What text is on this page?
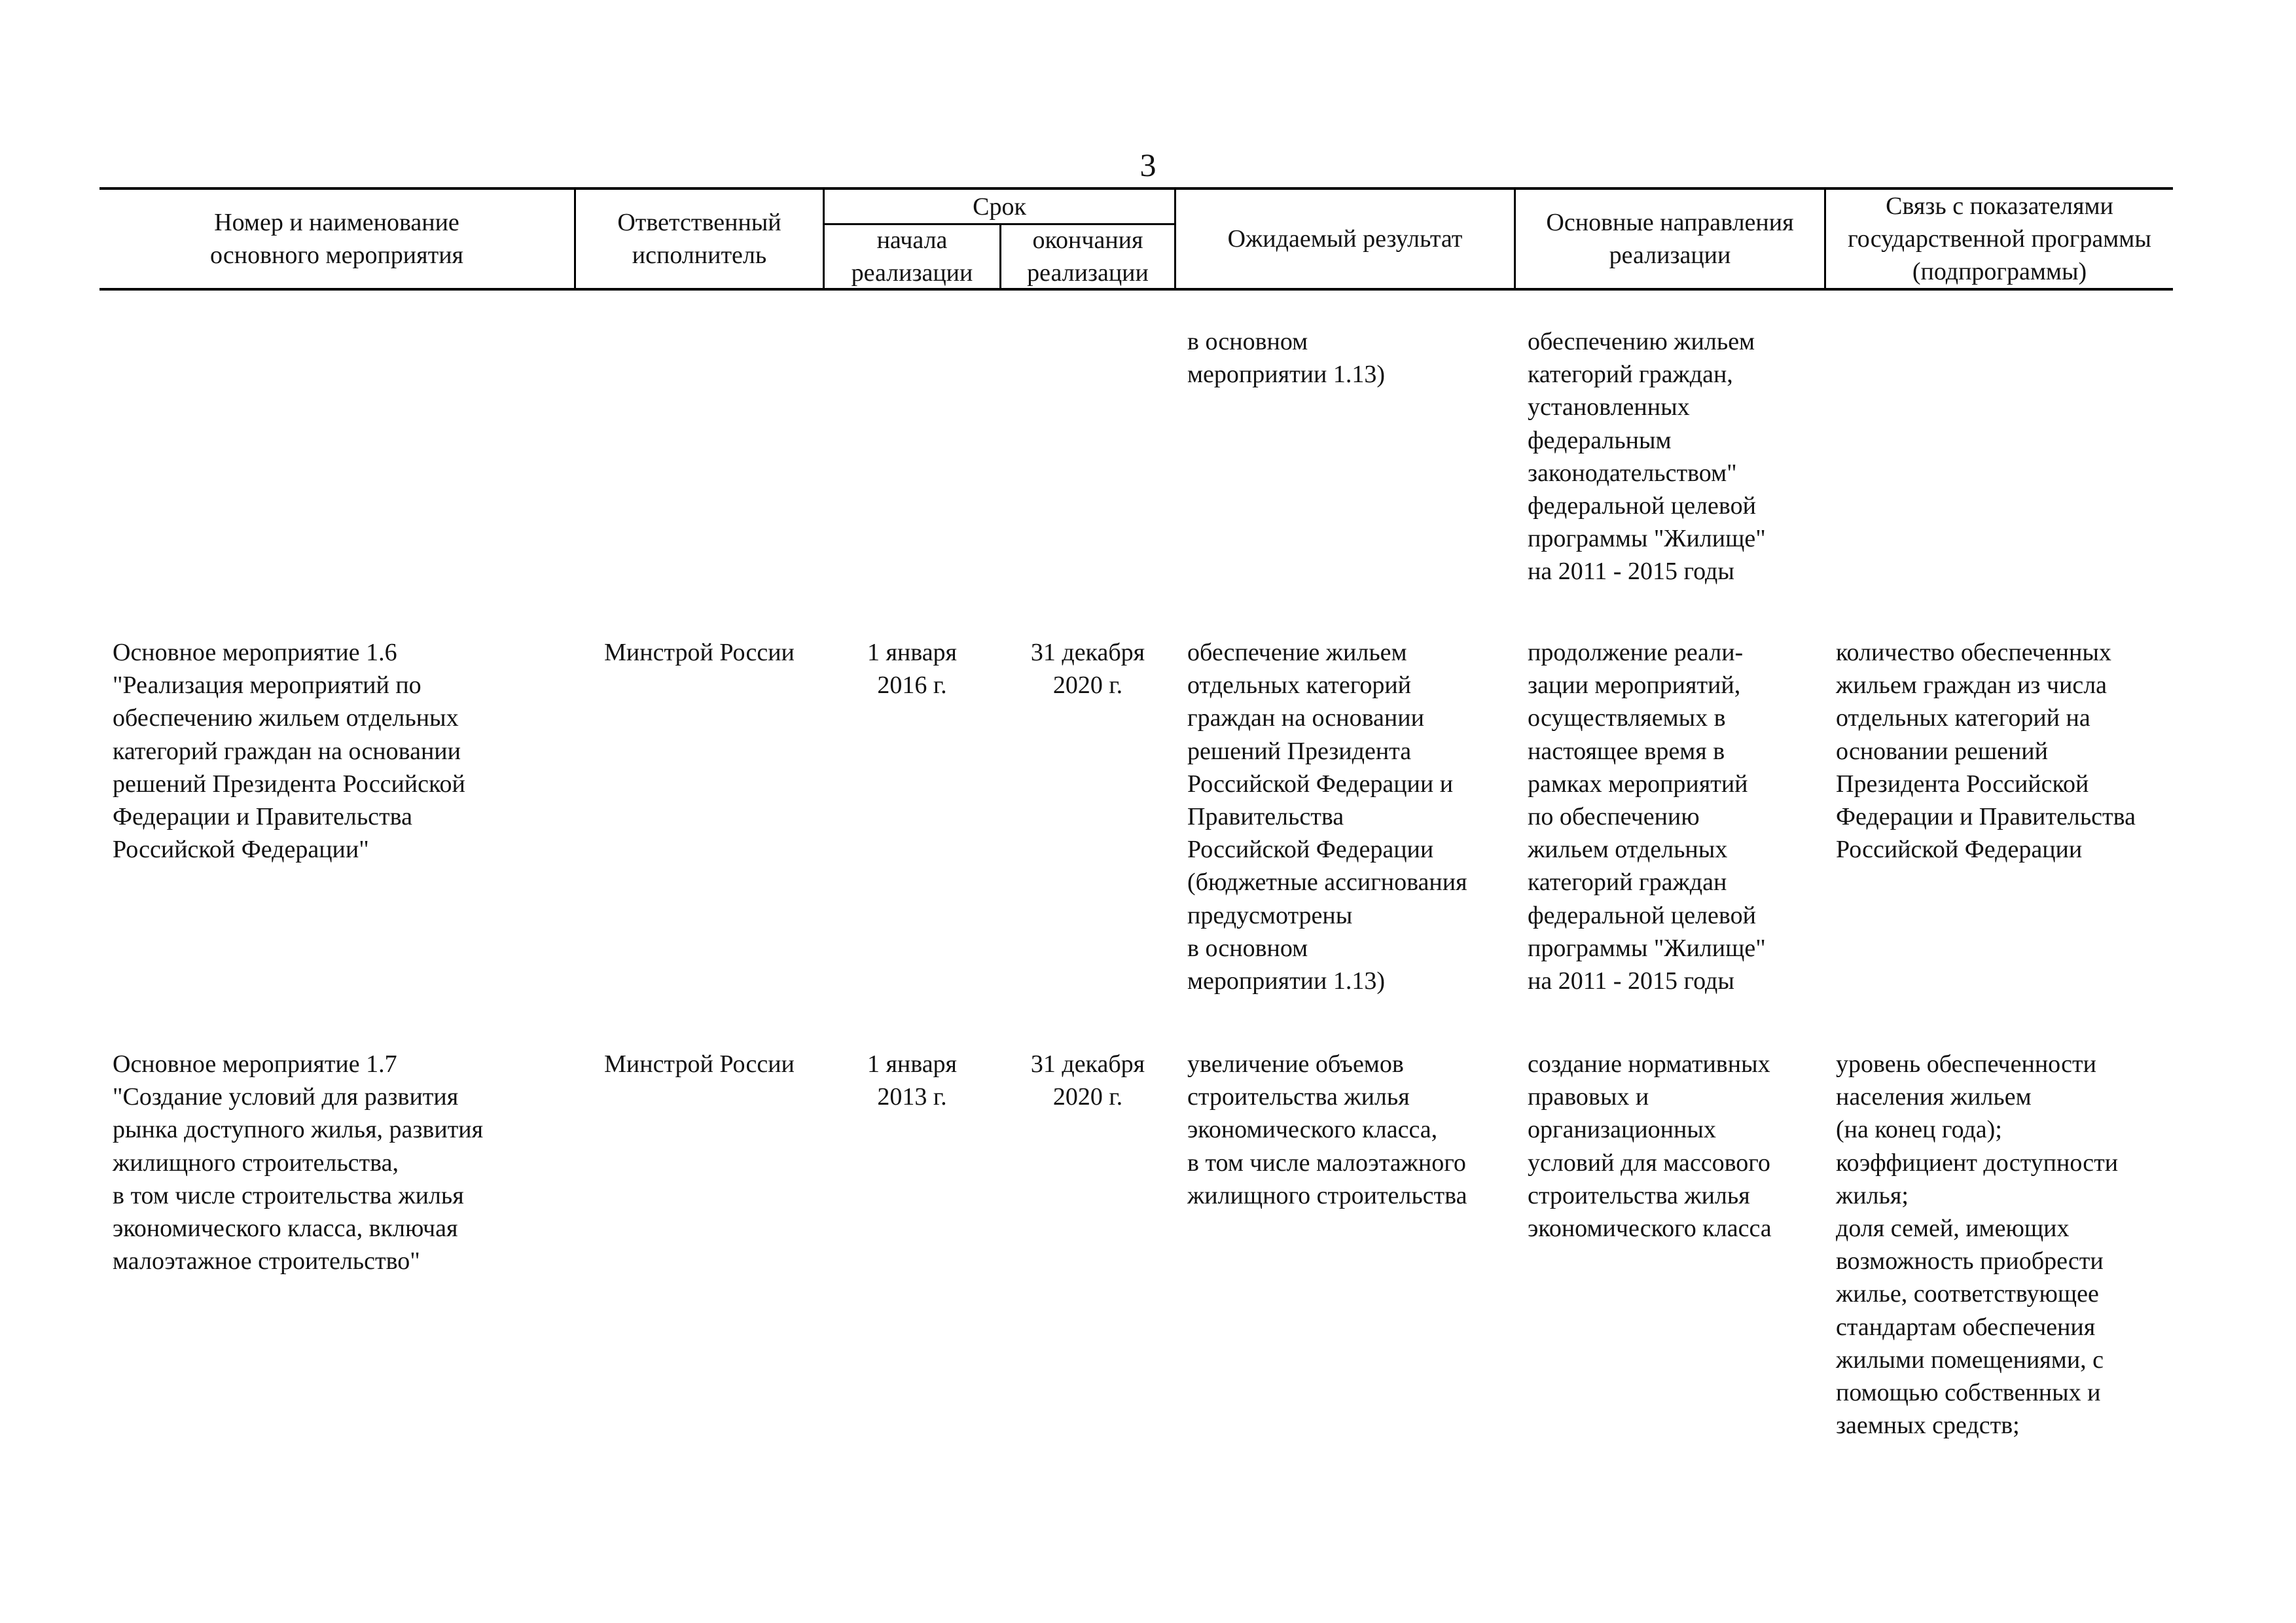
3
Номер и наименование
основного мероприятия
Ответственный
исполнитель
Срок
начала
реализации
окончания
реализации
Ожидаемый результат
Основные направления
реализации
Связь с показателями
государственной программы
(подпрограммы)
в основном
мероприятии 1.13)
обеспечению жильем
категорий граждан,
установленных
федеральным
законодательством"
федеральной целевой
программы "Жилище"
на 2011 - 2015 годы
Основное мероприятие 1.6
"Реализация мероприятий по
обеспечению жильем отдельных
категорий граждан на основании
решений Президента Российской
Федерации и Правительства
Российской Федерации"
Минстрой России	1 января
2016 г.
31 декабря
2020 г.
обеспечение жильем
отдельных категорий
граждан на основании
решений Президента
Российской Федерации и
Правительства
Российской Федерации
(бюджетные ассигнования
предусмотрены
в основном
мероприятии 1.13)
продолжение реали-
зации мероприятий,
осуществляемых в
настоящее время в
рамках мероприятий
по обеспечению
жильем отдельных
категорий граждан
федеральной целевой
программы "Жилище"
на 2011 - 2015 годы
количество обеспеченных
жильем граждан из числа
отдельных категорий на
основании решений
Президента Российской
Федерации и Правительства
Российской Федерации
Основное мероприятие 1.7
"Создание условий для развития
рынка доступного жилья, развития
жилищного строительства,
в том числе строительства жилья
экономического класса, включая
малоэтажное строительство"
Минстрой России	1 января
2013 г.
31 декабря
2020 г.
увеличение объемов
строительства жилья
экономического класса,
в том числе малоэтажного
жилищного строительства
создание нормативных
правовых и
организационных
условий для массового
строительства жилья
экономического класса
уровень обеспеченности
населения жильем
(на конец года);
коэффициент доступности
жилья;
доля семей, имеющих
возможность приобрести
жилье, соответствующее
стандартам обеспечения
жилыми помещениями, с
помощью собственных и
заемных средств;
